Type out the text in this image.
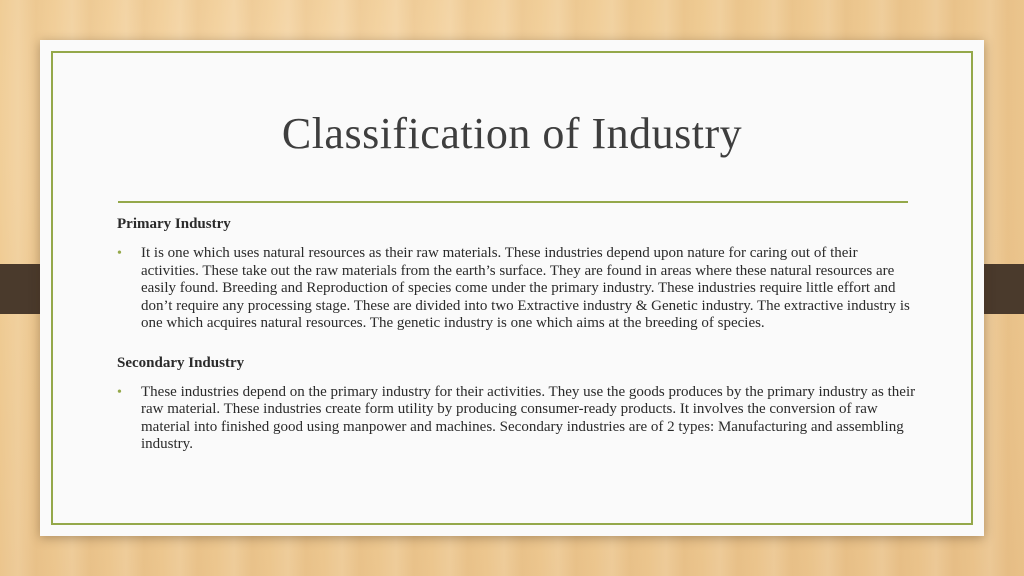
Classification of Industry
Primary Industry
•	It is one which uses natural resources as their raw materials. These industries depend upon nature for caring out of their activities. These take out the raw materials from the earth’s surface. They are found in areas where these natural resources are easily found. Breeding and Reproduction of species come under the primary industry. These industries require little effort and don’t require any processing stage. These are divided into two Extractive industry & Genetic industry. The extractive industry is one which acquires natural resources. The genetic industry is one which aims at the breeding of species.

Secondary Industry
•	These industries depend on the primary industry for their activities. They use the goods produces by the primary industry as their raw material. These industries create form utility by producing consumer-ready products. It involves the conversion of raw material into finished good using manpower and machines. Secondary industries are of 2 types: Manufacturing and assembling industry.
